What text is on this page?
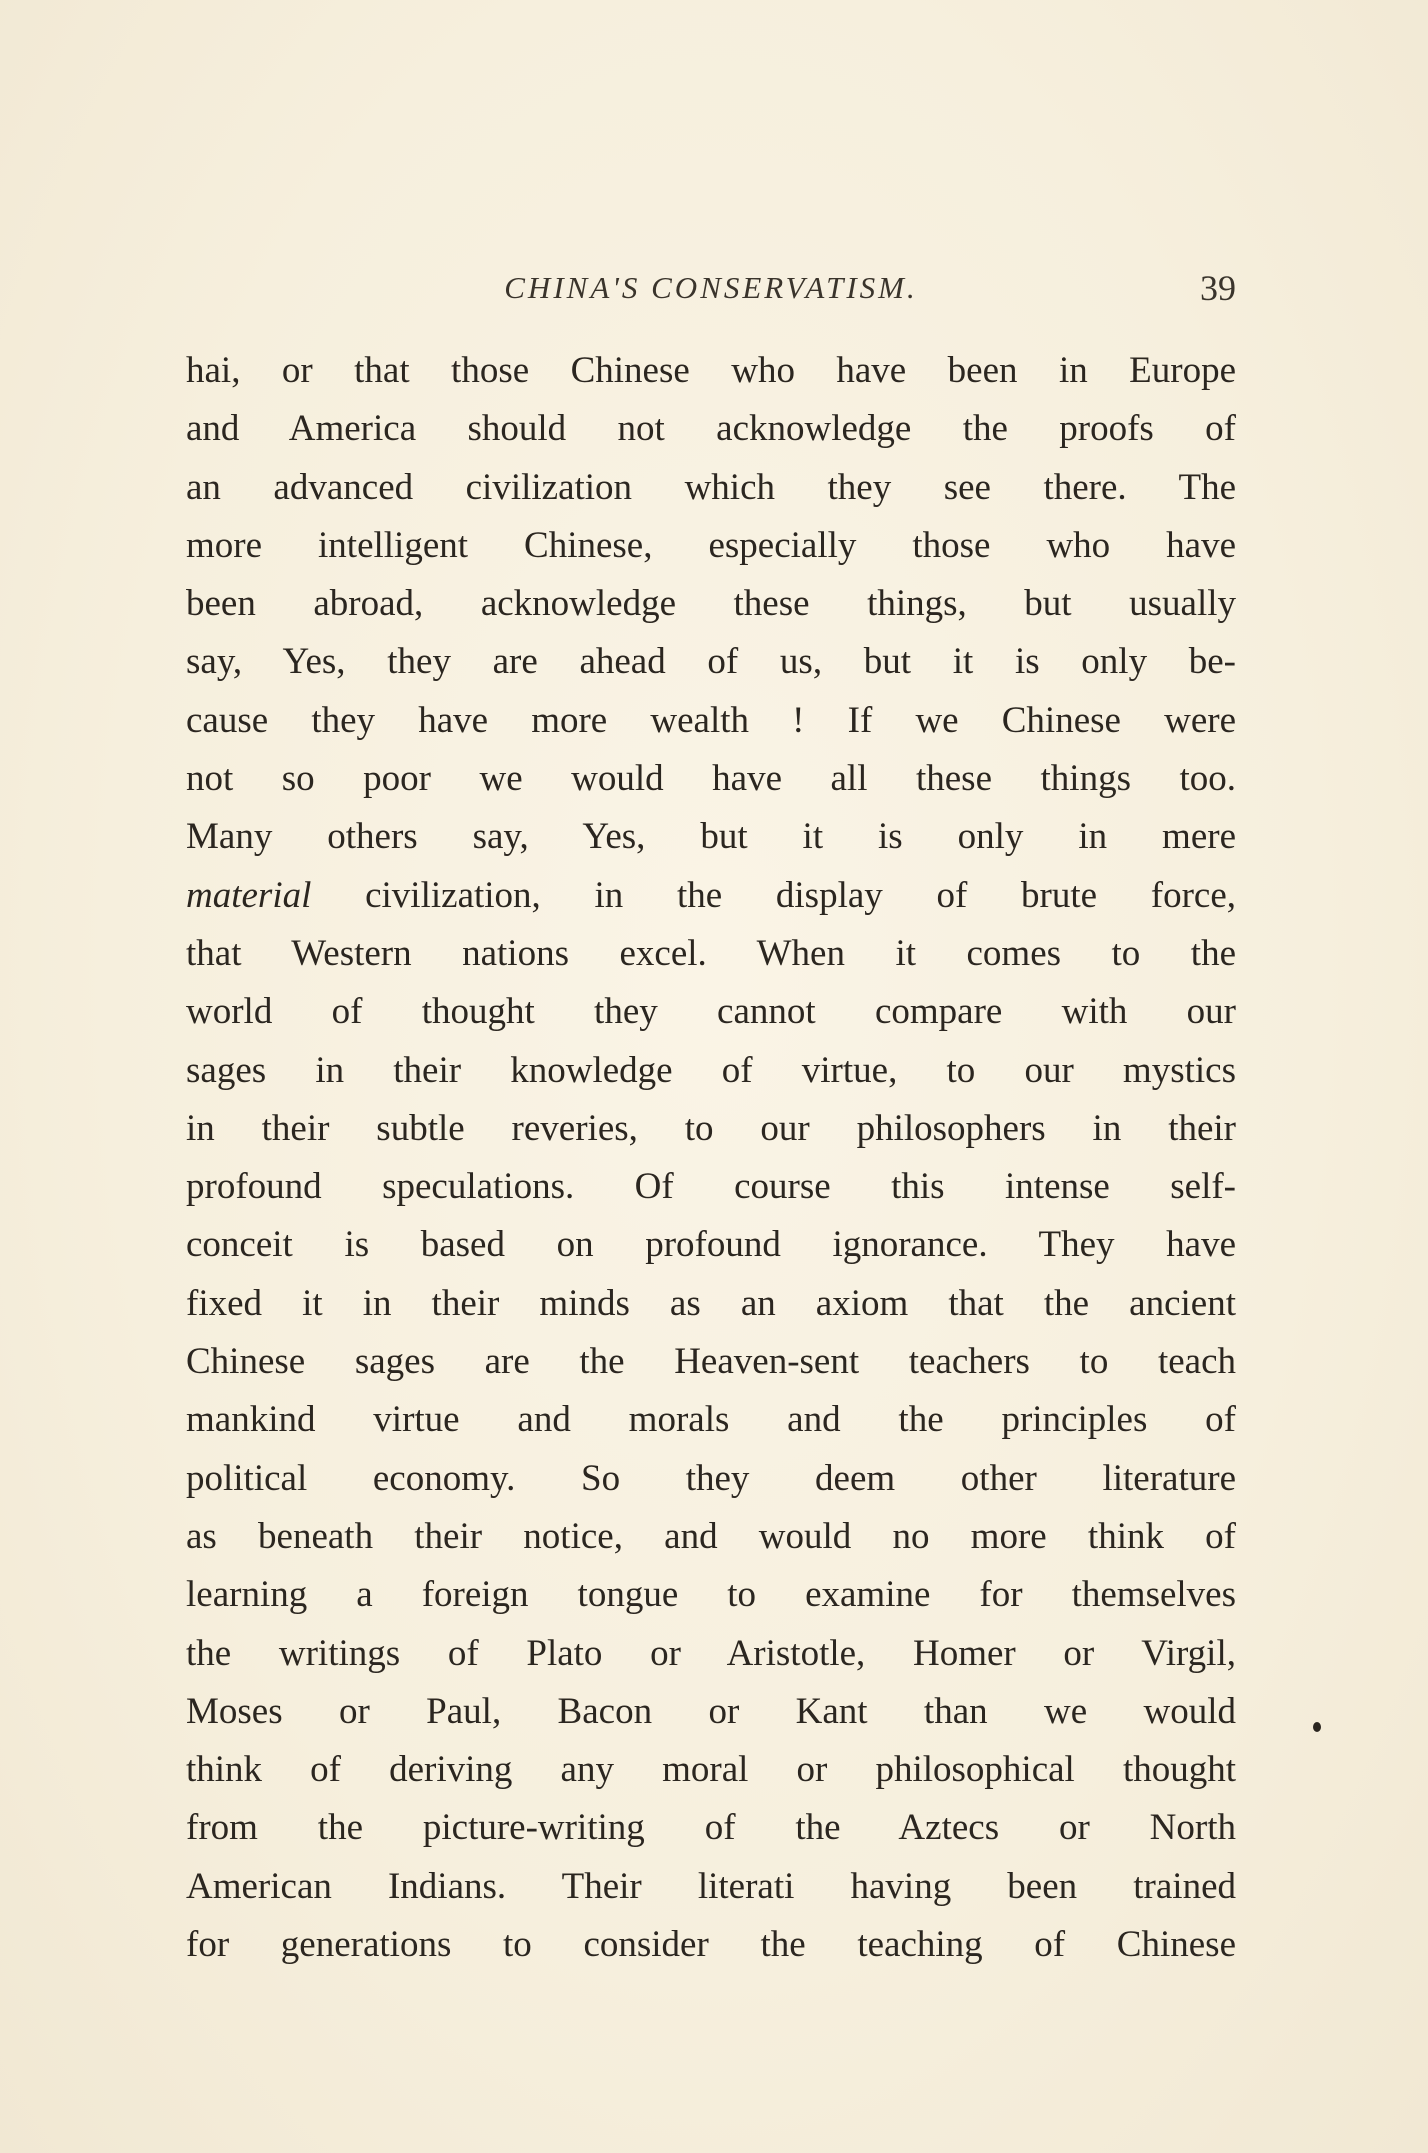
CHINA'S CONSERVATISM.	39
hai, or that those Chinese who have been in Europe
and America should not acknowledge the proofs of
an advanced civilization which they see there. The
more intelligent Chinese, especially those who have
been abroad, acknowledge these things, but usually
say, Yes, they are ahead of us, but it is only be-
cause they have more wealth ! If we Chinese were
not so poor we would have all these things too.
Many others say, Yes, but it is only in mere
material civilization, in the display of brute force,
that Western nations excel. When it comes to the
world of thought they cannot compare with our
sages in their knowledge of virtue, to our mystics
in their subtle reveries, to our philosophers in their
profound speculations. Of course this intense self-
conceit is based on profound ignorance. They have
fixed it in their minds as an axiom that the ancient
Chinese sages are the Heaven-sent teachers to teach
mankind virtue and morals and the principles of
political economy. So they deem other literature
as beneath their notice, and would no more think of
learning a foreign tongue to examine for themselves
the writings of Plato or Aristotle, Homer or Virgil,
Moses or Paul, Bacon or Kant than we would
think of deriving any moral or philosophical thought
from the picture-writing of the Aztecs or North
American Indians. Their literati having been trained
for generations to consider the teaching of Chinese
